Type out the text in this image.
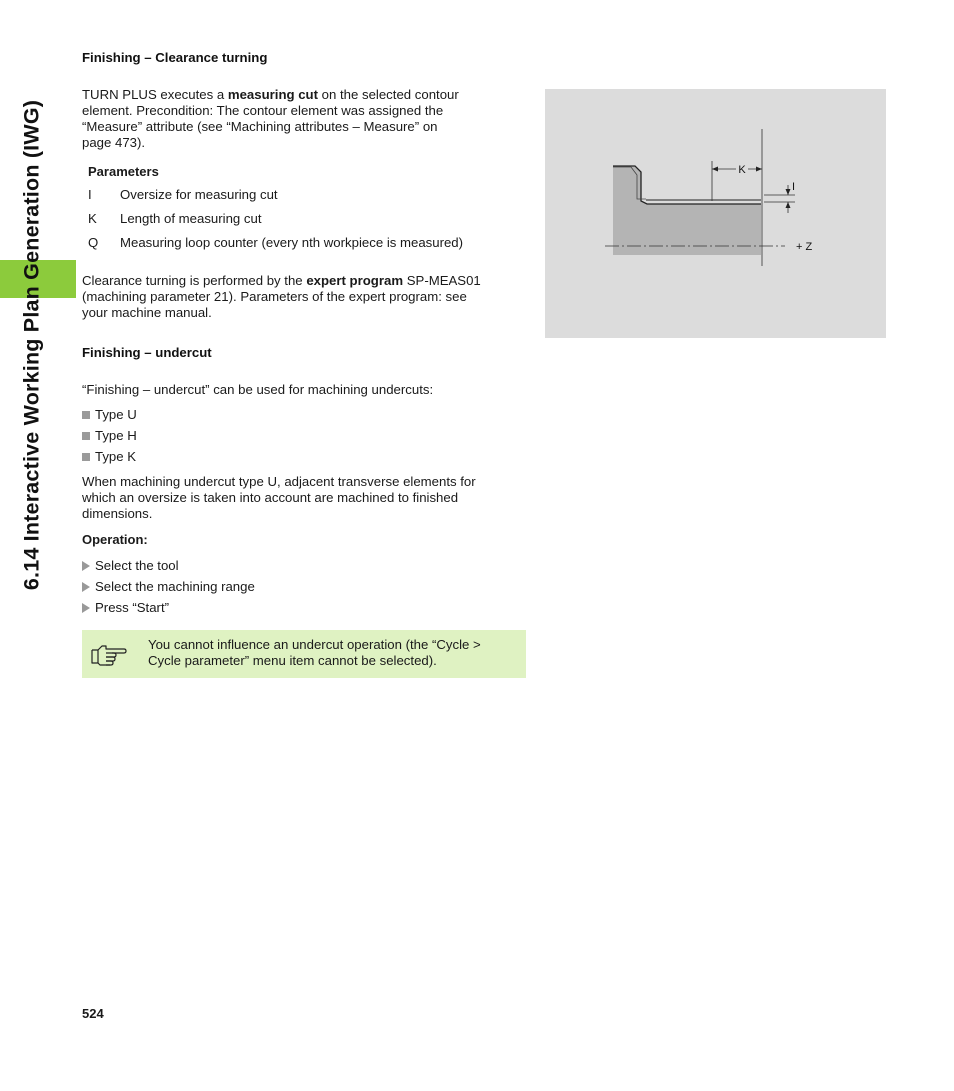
6.14 Interactive Working Plan Generation (IWG)
Finishing – Clearance turning

TURN PLUS executes a measuring cut on the selected contour

element. Precondition: The contour element was assigned the

“Measure” attribute (see “Machining attributes – Measure” on

page 473).

Parameters
I Oversize for measuring cut
K Length of measuring cut
Q Measuring loop counter (every nth workpiece is measured)

Clearance turning is performed by the expert program SP-MEAS01

(machining parameter 21). Parameters of the expert program: see

your machine manual.

Finishing – undercut

“Finishing – undercut” can be used for machining undercuts:

Type U
Type H
Type K

When machining undercut type U, adjacent transverse elements for

which an oversize is taken into account are machined to finished

dimensions.

Operation:
Select the tool
Select the machining range
Press “Start”

You cannot influence an undercut operation (the “Cycle >

Cycle parameter” menu item cannot be selected).

K
I
+ Z
524
